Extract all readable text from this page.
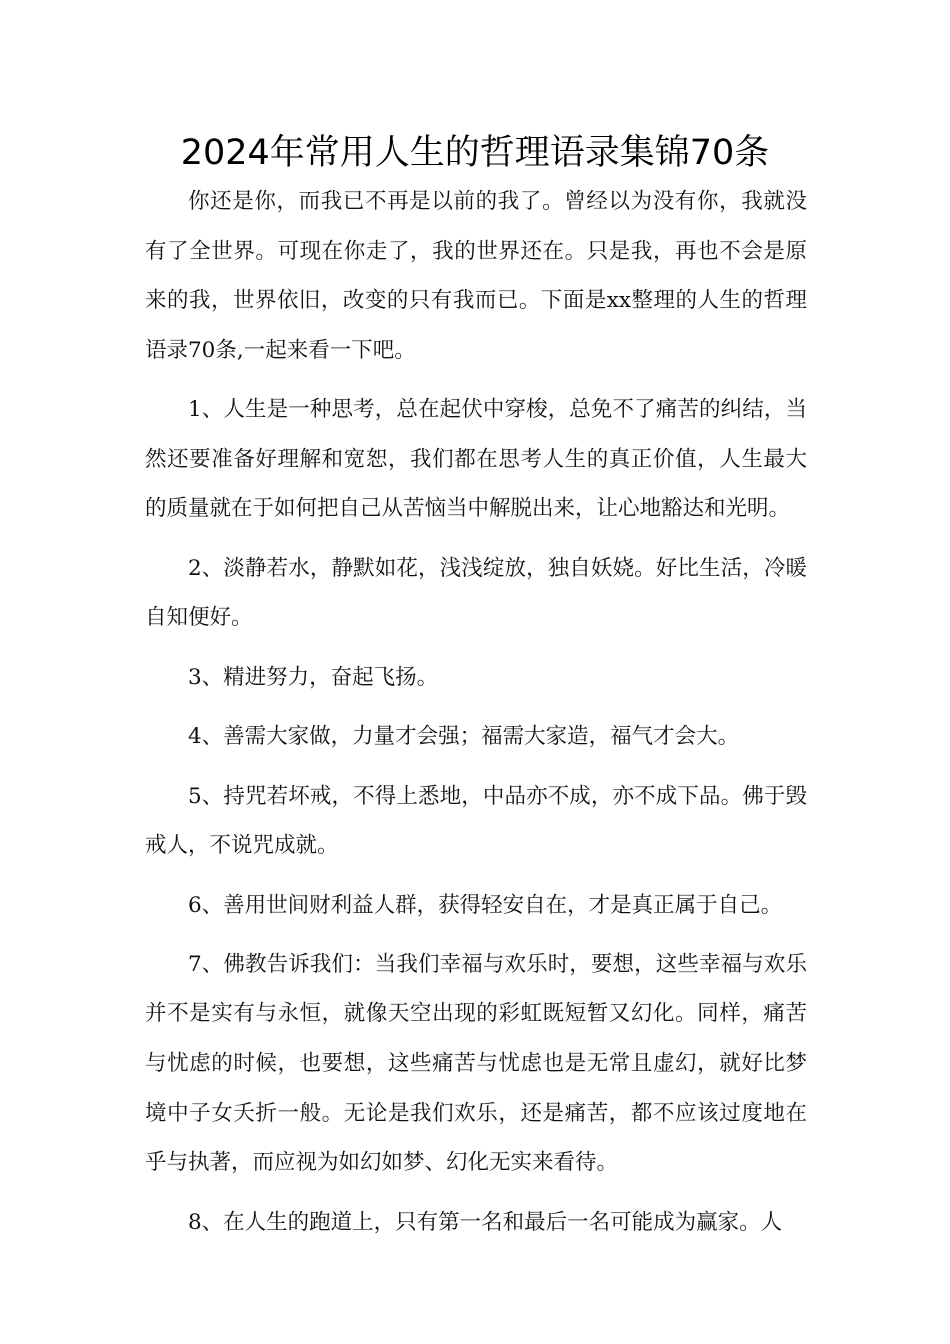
2024年常用人生的哲理语录集锦70条

你还是你，而我已不再是以前的我了。曾经以为没有你，我就没有了全世界。可现在你走了，我的世界还在。只是我，再也不会是原来的我，世界依旧，改变的只有我而已。下面是xx整理的人生的哲理语录70条,一起来看一下吧。

1、人生是一种思考，总在起伏中穿梭，总免不了痛苦的纠结，当然还要准备好理解和宽恕，我们都在思考人生的真正价值，人生最大的质量就在于如何把自己从苦恼当中解脱出来，让心地豁达和光明。

2、淡静若水，静默如花，浅浅绽放，独自妖娆。好比生活，冷暖自知便好。

3、精进努力，奋起飞扬。

4、善需大家做，力量才会强；福需大家造，福气才会大。

5、持咒若坏戒，不得上悉地，中品亦不成，亦不成下品。佛于毁戒人，不说咒成就。

6、善用世间财利益人群，获得轻安自在，才是真正属于自己。

7、佛教告诉我们：当我们幸福与欢乐时，要想，这些幸福与欢乐并不是实有与永恒，就像天空出现的彩虹既短暂又幻化。同样，痛苦与忧虑的时候，也要想，这些痛苦与忧虑也是无常且虚幻，就好比梦境中子女夭折一般。无论是我们欢乐，还是痛苦，都不应该过度地在乎与执著，而应视为如幻如梦、幻化无实来看待。

8、在人生的跑道上，只有第一名和最后一名可能成为赢家。人
